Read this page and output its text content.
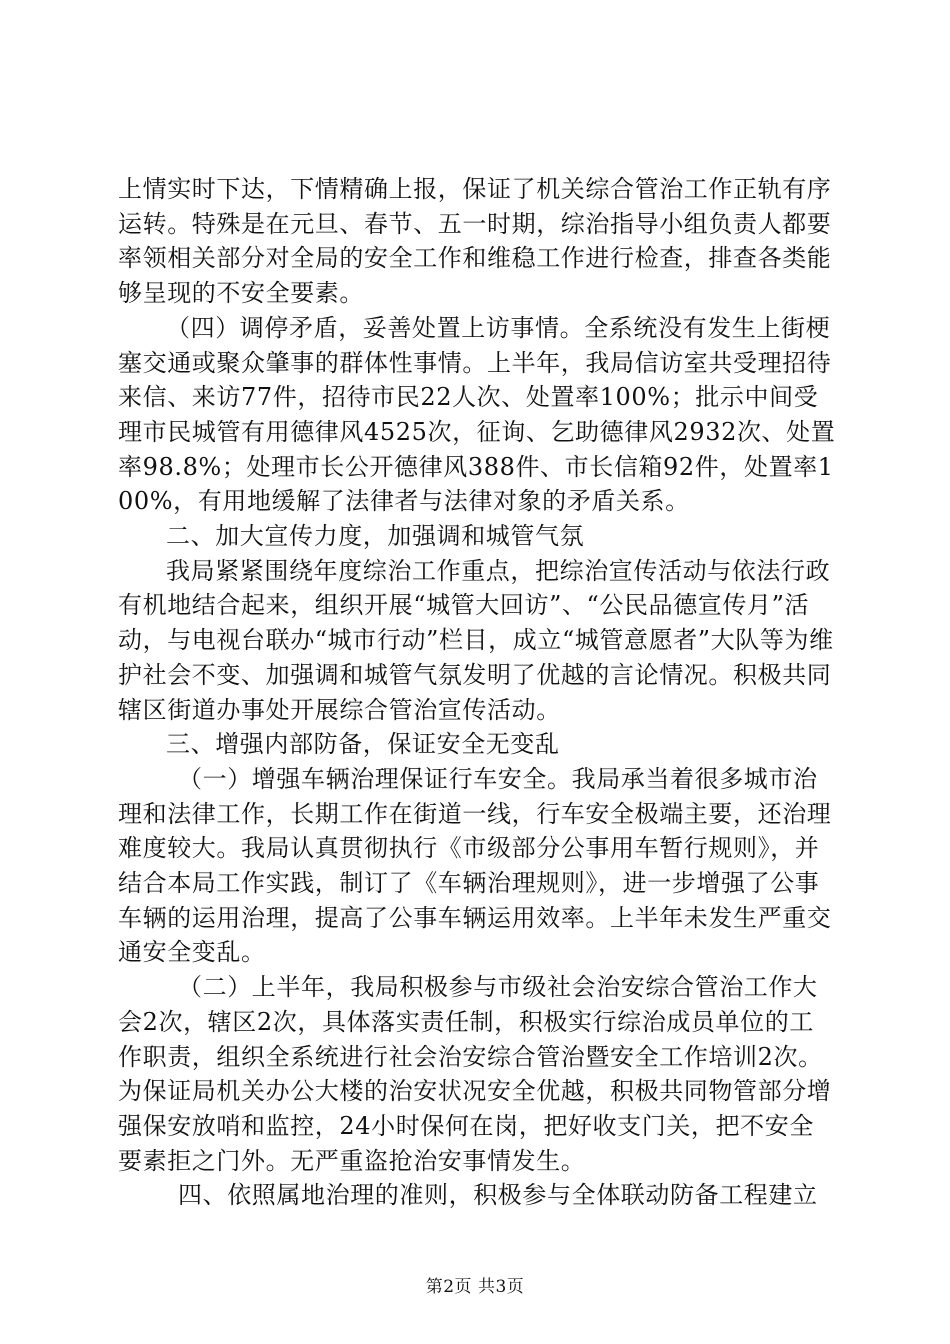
上情实时下达，下情精确上报，保证了机关综合管治工作正轨有序运转。特殊是在元旦、春节、五一时期，综治指导小组负责人都要率领相关部分对全局的安全工作和维稳工作进行检查，排查各类能够呈现的不安全要素。

（四）调停矛盾，妥善处置上访事情。全系统没有发生上街梗塞交通或聚众肇事的群体性事情。上半年，我局信访室共受理招待来信、来访77件，招待市民22人次、处置率100%；批示中间受理市民城管有用德律风4525次，征询、乞助德律风2932次、处置率98.8%；处理市长公开德律风388件、市长信箱92件，处置率100%，有用地缓解了法律者与法律对象的矛盾关系。

二、加大宣传力度，加强调和城管气氛

我局紧紧围绕年度综治工作重点，把综治宣传活动与依法行政有机地结合起来，组织开展“城管大回访”、“公民品德宣传月”活动，与电视台联办“城市行动”栏目，成立“城管意愿者”大队等为维护社会不变、加强调和城管气氛发明了优越的言论情况。积极共同辖区街道办事处开展综合管治宣传活动。

三、增强内部防备，保证安全无变乱

（一）增强车辆治理保证行车安全。我局承当着很多城市治理和法律工作，长期工作在街道一线，行车安全极端主要，还治理难度较大。我局认真贯彻执行《市级部分公事用车暂行规则》，并结合本局工作实践，制订了《车辆治理规则》，进一步增强了公事车辆的运用治理，提高了公事车辆运用效率。上半年未发生严重交通安全变乱。

（二）上半年，我局积极参与市级社会治安综合管治工作大会2次，辖区2次，具体落实责任制，积极实行综治成员单位的工作职责，组织全系统进行社会治安综合管治暨安全工作培训2次。为保证局机关办公大楼的治安状况安全优越，积极共同物管部分增强保安放哨和监控，24小时保何在岗，把好收支门关，把不安全要素拒之门外。无严重盗抢治安事情发生。

四、依照属地治理的准则，积极参与全体联动防备工程建立

第2页 共3页
